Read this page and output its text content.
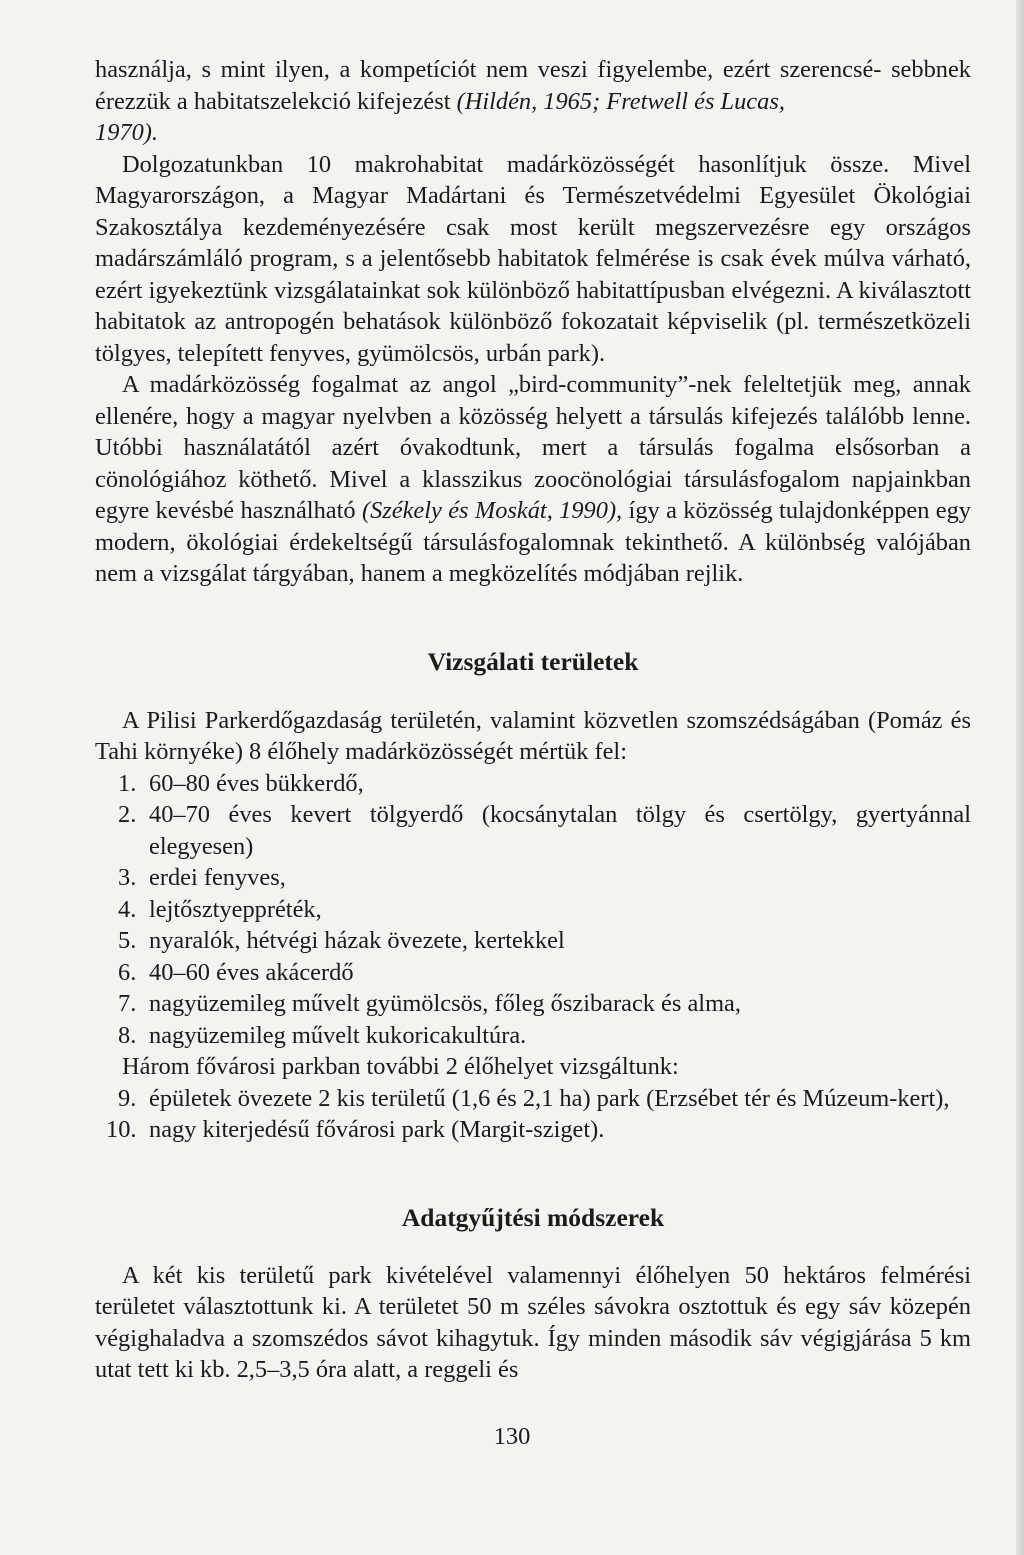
használja, s mint ilyen, a kompetíciót nem veszi figyelembe, ezért szerencsé- sebbnek érezzük a habitatszelekció kifejezést (Hildén, 1965; Fretwell és Lucas,
1970).

Dolgozatunkban 10 makrohabitat madárközösségét hasonlítjuk össze. Mivel Magyarországon, a Magyar Madártani és Természetvédelmi Egyesület Ökológiai Szakosztálya kezdeményezésére csak most került megszervezésre egy országos madárszámláló program, s a jelentősebb habitatok felmérése is csak évek múlva várható, ezért igyekeztünk vizsgálatainkat sok különböző habitattípusban elvégezni. A kiválasztott habitatok az antropogén behatások különböző fokozatait képviselik (pl. természetközeli tölgyes, telepített fenyves, gyümölcsös, urbán park).

A madárközösség fogalmat az angol „bird-community”-nek feleltetjük meg, annak ellenére, hogy a magyar nyelvben a közösség helyett a társulás kifejezés találóbb lenne. Utóbbi használatától azért óvakodtunk, mert a társulás fogalma elsősorban a cönológiához köthető. Mivel a klasszikus zoocönológiai társulásfogalom napjainkban egyre kevésbé használható (Székely és Moskát, 1990), így a közösség tulajdonképpen egy modern, ökológiai érdekeltségű társulásfogalomnak tekinthető. A különbség valójában nem a vizsgálat tárgyában, hanem a megközelítés módjában rejlik.

Vizsgálati területek

A Pilisi Parkerdőgazdaság területén, valamint közvetlen szomszédságában (Pomáz és Tahi környéke) 8 élőhely madárközösségét mértük fel:

1. 60–80 éves bükkerdő,
2. 40–70 éves kevert tölgyerdő (kocsánytalan tölgy és csertölgy, gyertyánnal elegyesen)
3. erdei fenyves,
4. lejtősztyeppréték,
5. nyaralók, hétvégi házak övezete, kertekkel
6. 40–60 éves akácerdő
7. nagyüzemileg művelt gyümölcsös, főleg őszibarack és alma,
8. nagyüzemileg művelt kukoricakultúra.

Három fővárosi parkban további 2 élőhelyet vizsgáltunk:

9. épületek övezete 2 kis területű (1,6 és 2,1 ha) park (Erzsébet tér és Múzeum-kert),
10. nagy kiterjedésű fővárosi park (Margit-sziget).
Adatgyűjtési módszerek

A két kis területű park kivételével valamennyi élőhelyen 50 hektáros felmérési területet választottunk ki. A területet 50 m széles sávokra osztottuk és egy sáv közepén végighaladva a szomszédos sávot kihagytuk. Így minden második sáv végigjárása 5 km utat tett ki kb. 2,5–3,5 óra alatt, a reggeli és

130
